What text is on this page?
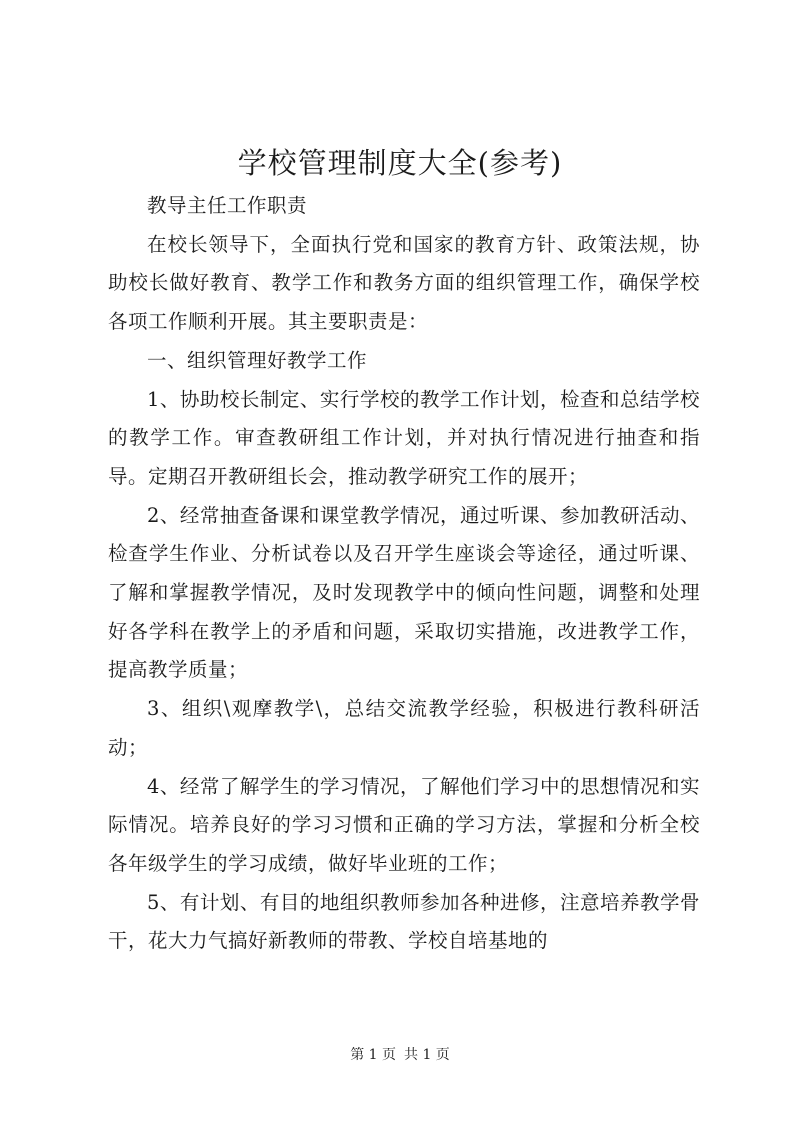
学校管理制度大全(参考)

教导主任工作职责

在校长领导下，全面执行党和国家的教育方针、政策法规，协助校长做好教育、教学工作和教务方面的组织管理工作，确保学校各项工作顺利开展。其主要职责是：

一、组织管理好教学工作

1、协助校长制定、实行学校的教学工作计划，检查和总结学校的教学工作。审查教研组工作计划，并对执行情况进行抽查和指导。定期召开教研组长会，推动教学研究工作的展开；

2、经常抽查备课和课堂教学情况，通过听课、参加教研活动、检查学生作业、分析试卷以及召开学生座谈会等途径，通过听课、了解和掌握教学情况，及时发现教学中的倾向性问题，调整和处理好各学科在教学上的矛盾和问题，采取切实措施，改进教学工作，提高教学质量；

3、组织\观摩教学\，总结交流教学经验，积极进行教科研活动；

4、经常了解学生的学习情况，了解他们学习中的思想情况和实际情况。培养良好的学习习惯和正确的学习方法，掌握和分析全校各年级学生的学习成绩，做好毕业班的工作；

5、有计划、有目的地组织教师参加各种进修，注意培养教学骨干，花大力气搞好新教师的带教、学校自培基地的

第 1 页 共 1 页
